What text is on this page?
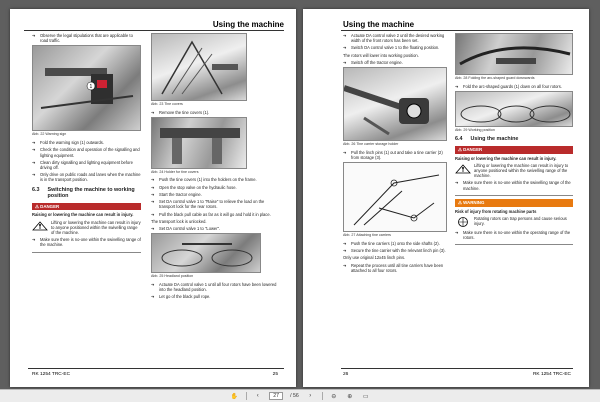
Using the machine
➔ Observe the legal stipulations that are applicable to road traffic.
1
Abb. 22 Warning sign
➔ Fold the warning sign (1) outwards.
➔ Check the condition and operation of the signalling and lighting equipment.
➔ Clean dirty signalling and lighting equipment before driving off.
➔ Only drive on public roads and lanes when the machine is in the transport position.
6.3 Switching the machine to working position
⚠ DANGER
Raising or lowering the machine can result in injury.
Lifting or lowering the machine can result in injury to anyone positioned within the swivelling range of the machine.
➔ Make sure there is no-one within the swivelling range of the machine.
Abb. 23 Tine covers
➔ Remove the tine covers (1).
Abb. 24 Holder for tine covers
➔ Push the tine covers (1) into the holders on the frame.
➔ Open the stop valve on the hydraulic hose.
➔ Start the tractor engine.
➔ Set DA control valve 1 to "Raise" to relieve the load on the transport lock for the rear rotors.
➔ Pull the black pull cable as far as it will go and hold it in place.

The transport lock is unlocked.

➔ Set DA control valve 1 to "Lower".
Abb. 25 Headland position
➔ Actuate DA control valve 1 until all four rotors have been lowered into the headland position.
➔ Let go of the black pull rope.
RK 1254 TRC-EC	25
Using the machine
➔ Actuate DA control valve 2 until the desired working width of the front rotors has been set.
➔ Switch DA control valve 1 to the floating position.

The rotors will lower into working position.

➔ Switch off the tractor engine.
Abb. 26 Tine carrier storage holder
➔ Pull the linch pins (1) out and take a tine carrier (2) from storage (3).
Abb. 27 Attaching tine carriers
➔ Push the tine carriers (1) onto the side shafts (2).
➔ Secure the tine carrier with the relevant linch pin (3).

Only use original 12x45 linch pins.

➔ Repeat the process until all tine carriers have been attached to all four rotors.
Abb. 28 Folding the arc-shaped guard downwards
➔ Fold the arc-shaped guards (1) down on all four rotors.
Abb. 29 Working position
6.4 Using the machine
⚠ DANGER
Raising or lowering the machine can result in injury.
Lifting or lowering the machine can result in injury to anyone positioned within the swivelling range of the machine.
➔ Make sure there is no-one within the swivelling range of the machine.
⚠ WARNING
Risk of injury from rotating machine parts
Rotating rotors can trap persons and cause serious injury.
➔ Make sure there is no-one within the operating range of the rotors.
26	RK 1254 TRC-EC
✋	‹	27 / 56	›	⊖	⊕	▭
